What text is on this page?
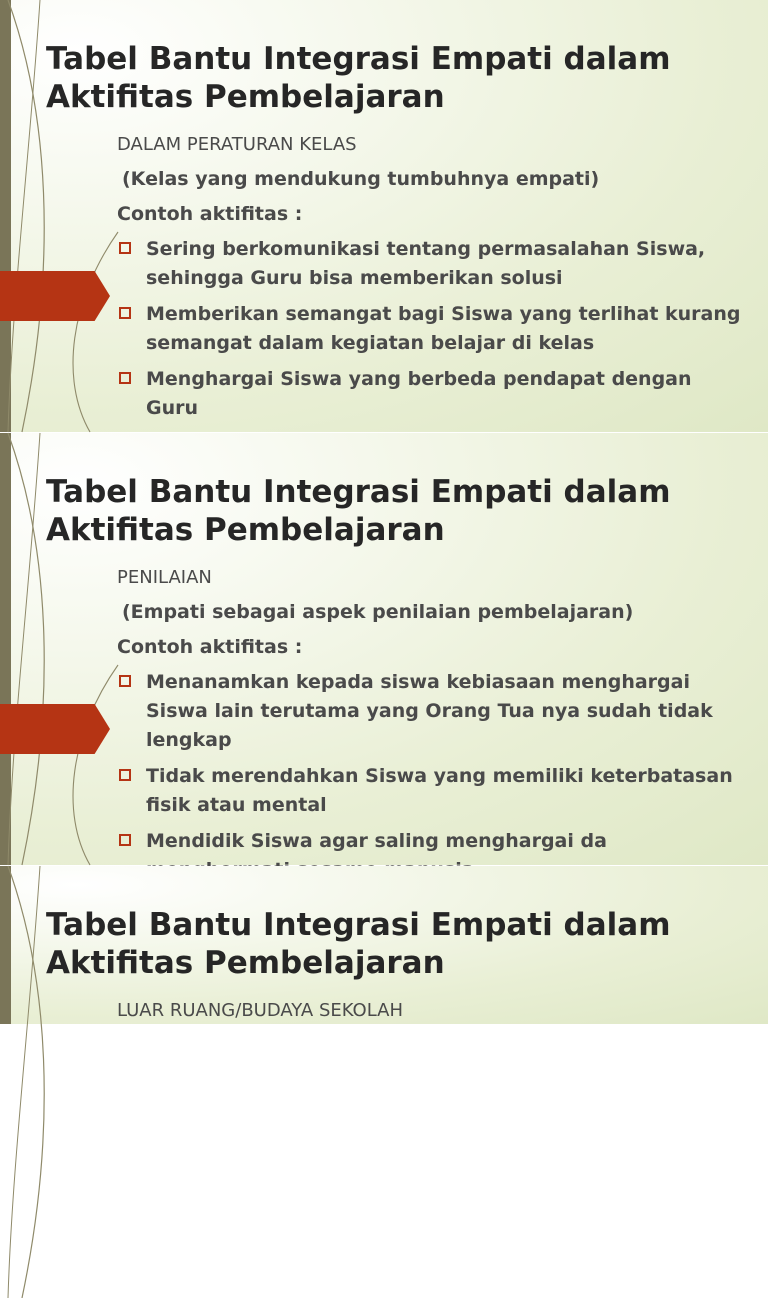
Tabel Bantu Integrasi Empati dalam
Aktifitas Pembelajaran

DALAM PERATURAN KELAS

(Kelas yang mendukung tumbuhnya empati)

Contoh aktifitas :

Sering berkomunikasi tentang permasalahan Siswa, sehingga Guru bisa memberikan solusi
Memberikan semangat bagi Siswa yang terlihat kurang semangat dalam kegiatan belajar di kelas
Menghargai Siswa yang berbeda pendapat dengan Guru
Tabel Bantu Integrasi Empati dalam
Aktifitas Pembelajaran

PENILAIAN

(Empati sebagai aspek penilaian pembelajaran)

Contoh aktifitas :

Menanamkan kepada siswa kebiasaan menghargai Siswa lain terutama yang Orang Tua nya sudah tidak lengkap
Tidak merendahkan Siswa yang memiliki keterbatasan fisik atau mental
Mendidik Siswa agar saling menghargai da
Tabel Bantu Integrasi Empati dalam
Aktifitas Pembelajaran

LUAR RUANG/BUDAYA SEKOLAH
